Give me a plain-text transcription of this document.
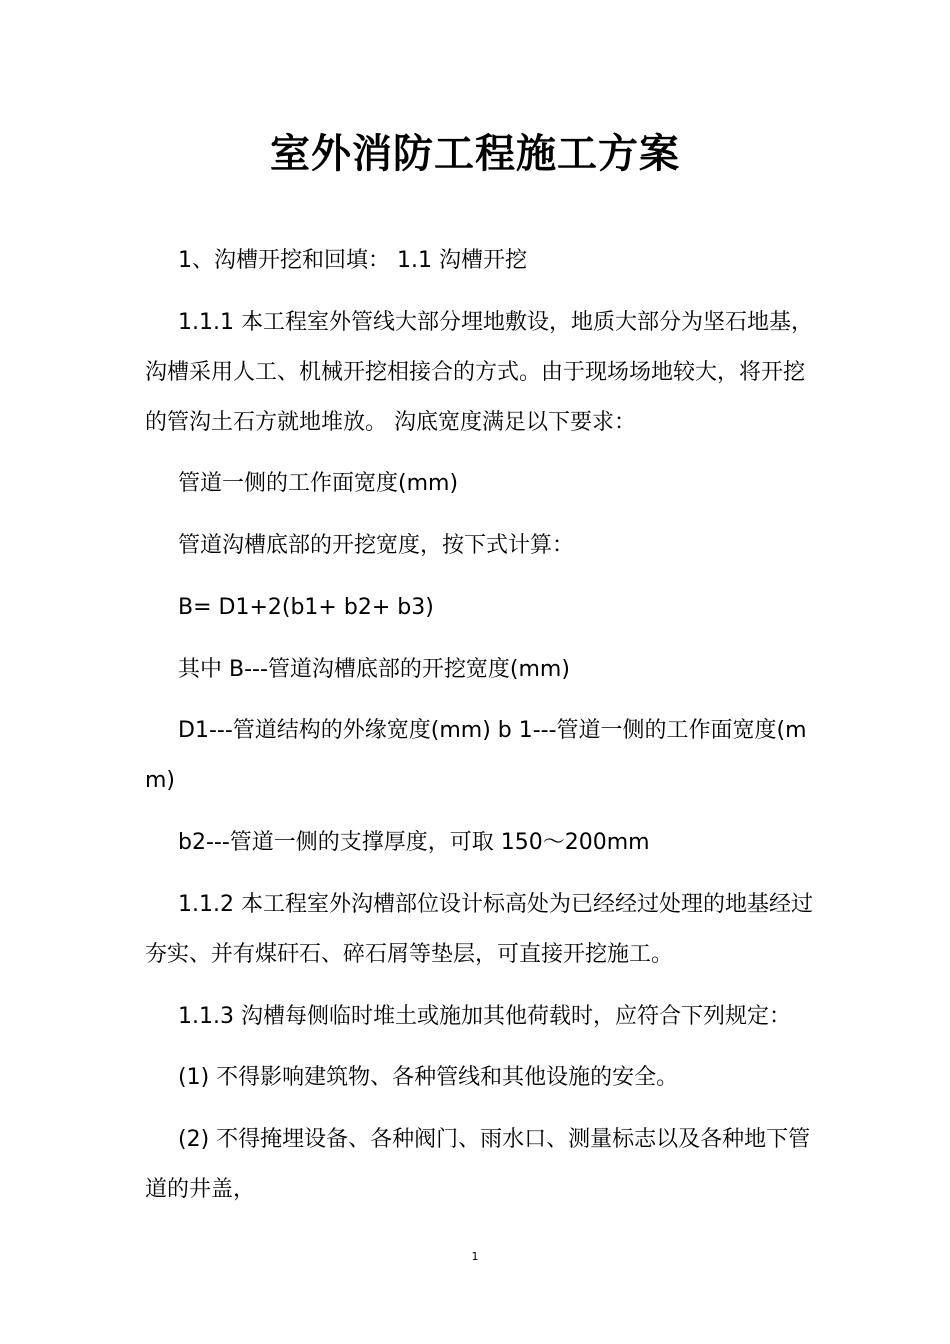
室外消防工程施工方案
1、沟槽开挖和回填： 1.1 沟槽开挖
1.1.1 本工程室外管线大部分埋地敷设，地质大部分为坚石地基，沟槽采用人工、机械开挖相接合的方式。由于现场场地较大，将开挖的管沟土石方就地堆放。 沟底宽度满足以下要求：
管道一侧的工作面宽度(mm)
管道沟槽底部的开挖宽度，按下式计算：
B= D1+2(b1+ b2+ b3)
其中 B---管道沟槽底部的开挖宽度(mm)
D1---管道结构的外缘宽度(mm) b 1---管道一侧的工作面宽度(mm)
b2---管道一侧的支撑厚度，可取 150～200mm
1.1.2 本工程室外沟槽部位设计标高处为已经经过处理的地基经过夯实、并有煤矸石、碎石屑等垫层，可直接开挖施工。
1.1.3 沟槽每侧临时堆土或施加其他荷载时，应符合下列规定：
(1) 不得影响建筑物、各种管线和其他设施的安全。
(2) 不得掩埋设备、各种阀门、雨水口、测量标志以及各种地下管道的井盖，
1
